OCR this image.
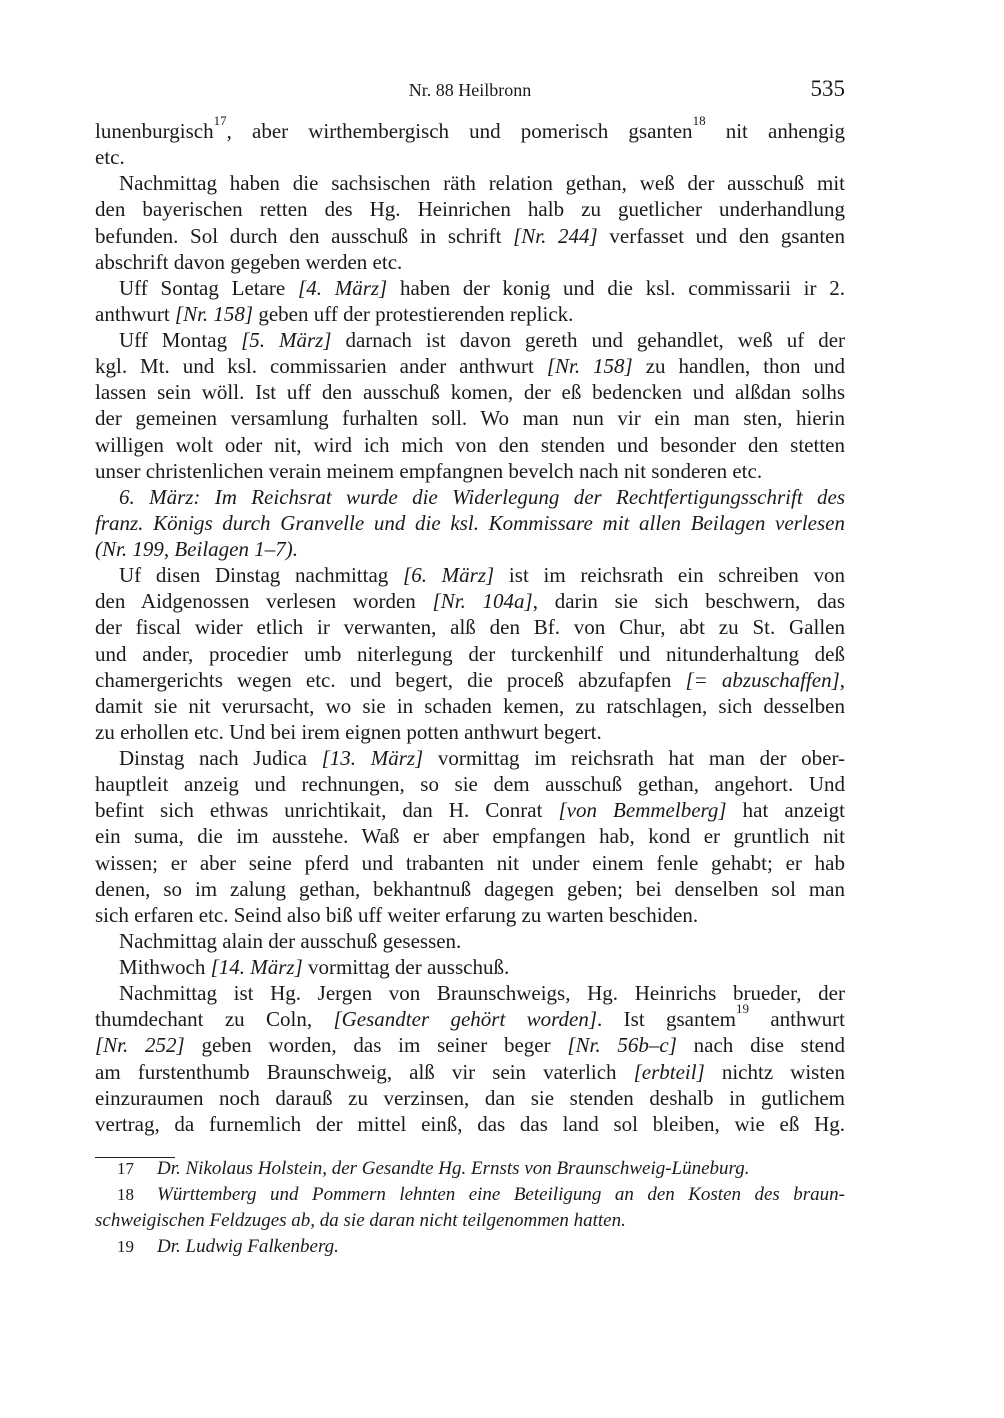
Nr. 88 Heilbronn	535
lunenburgisch$^{17}$, aber wirthembergisch und pomerisch gsanten$^{18}$ nit anhengig
etc.
Nachmittag haben die sachsischen räth relation gethan, weß der ausschuß mit
den bayerischen retten des Hg. Heinrichen halb zu guetlicher underhandlung
befunden. Sol durch den ausschuß in schrift [Nr. 244] verfasset und den gsanten
abschrift davon gegeben werden etc.
Uff Sontag Letare [4. März] haben der konig und die ksl. commissarii ir 2.
anthwurt [Nr. 158] geben uff der protestierenden replick.
Uff Montag [5. März] darnach ist davon gereth und gehandlet, weß uf der
kgl. Mt. und ksl. commissarien ander anthwurt [Nr. 158] zu handlen, thon und
lassen sein wöll. Ist uff den ausschuß komen, der eß bedencken und alßdan solhs
der gemeinen versamlung furhalten soll. Wo man nun vir ein man sten, hierin
willigen wolt oder nit, wird ich mich von den stenden und besonder den stetten
unser christenlichen verain meinem empfangnen bevelch nach nit sonderen etc.
6. März: Im Reichsrat wurde die Widerlegung der Rechtfertigungsschrift des
franz. Königs durch Granvelle und die ksl. Kommissare mit allen Beilagen verlesen
(Nr. 199, Beilagen 1–7).
Uf disen Dinstag nachmittag [6. März] ist im reichsrath ein schreiben von
den Aidgenossen verlesen worden [Nr. 104a], darin sie sich beschwern, das
der fiscal wider etlich ir verwanten, alß den Bf. von Chur, abt zu St. Gallen
und ander, procedier umb niterlegung der turckenhilf und nitunderhaltung deß
chamergerichts wegen etc. und begert, die proceß abzufapfen [= abzuschaffen],
damit sie nit verursacht, wo sie in schaden kemen, zu ratschlagen, sich desselben
zu erhollen etc. Und bei irem eignen potten anthwurt begert.
Dinstag nach Judica [13. März] vormittag im reichsrath hat man der ober-
hauptleit anzeig und rechnungen, so sie dem ausschuß gethan, angehort. Und
befint sich ethwas unrichtikait, dan H. Conrat [von Bemmelberg] hat anzeigt
ein suma, die im ausstehe. Waß er aber empfangen hab, kond er gruntlich nit
wissen; er aber seine pferd und trabanten nit under einem fenle gehabt; er hab
denen, so im zalung gethan, bekhantnuß dagegen geben; bei denselben sol man
sich erfaren etc. Seind also biß uff weiter erfarung zu warten beschiden.
Nachmittag alain der ausschuß gesessen.
Mithwoch [14. März] vormittag der ausschuß.
Nachmittag ist Hg. Jergen von Braunschweigs, Hg. Heinrichs brueder, der
thumdechant zu Coln, [Gesandter gehört worden]. Ist gsantem$^{19}$ anthwurt
[Nr. 252] geben worden, das im seiner beger [Nr. 56b–c] nach dise stend
am furstenthumb Braunschweig, alß vir sein vaterlich [erbteil] nichtz wisten
einzuraumen noch darauß zu verzinsen, dan sie stenden deshalb in gutlichem
vertrag, da furnemlich der mittel einß, das das land sol bleiben, wie eß Hg.
17 Dr. Nikolaus Holstein, der Gesandte Hg. Ernsts von Braunschweig-Lüneburg.
18 Württemberg und Pommern lehnten eine Beteiligung an den Kosten des braun-
schweigischen Feldzuges ab, da sie daran nicht teilgenommen hatten.
19 Dr. Ludwig Falkenberg.
